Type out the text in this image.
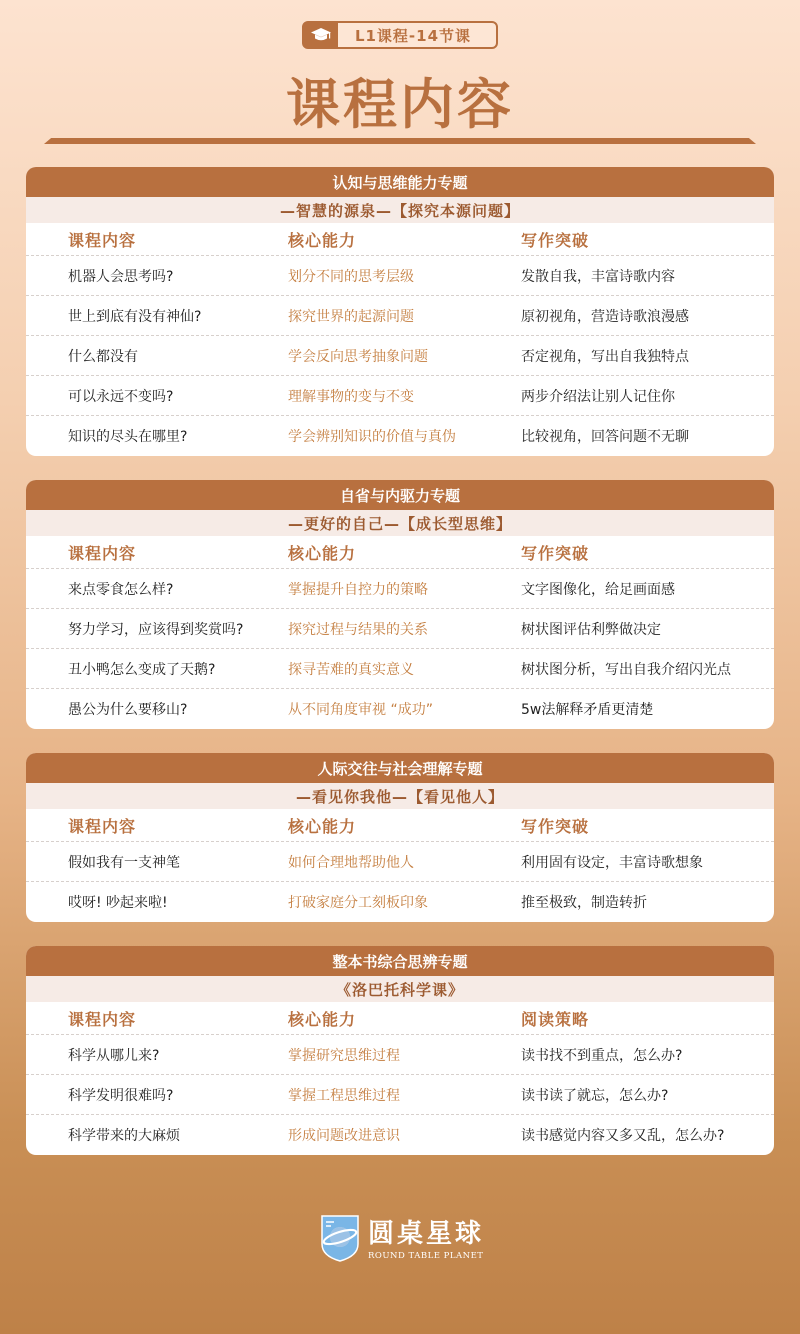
L1课程-14节课
课程内容
认知与思维能力专题
—智慧的源泉—【探究本源问题】
课程内容	核心能力	写作突破
机器人会思考吗?	划分不同的思考层级	发散自我，丰富诗歌内容
世上到底有没有神仙?	探究世界的起源问题	原初视角，营造诗歌浪漫感
什么都没有	学会反向思考抽象问题	否定视角，写出自我独特点
可以永远不变吗?	理解事物的变与不变	两步介绍法让别人记住你
知识的尽头在哪里?	学会辨别知识的价值与真伪	比较视角，回答问题不无聊
自省与内驱力专题
—更好的自己—【成长型思维】
课程内容	核心能力	写作突破
来点零食怎么样?	掌握提升自控力的策略	文字图像化，给足画面感
努力学习，应该得到奖赏吗?	探究过程与结果的关系	树状图评估利弊做决定
丑小鸭怎么变成了天鹅?	探寻苦难的真实意义	树状图分析，写出自我介绍闪光点
愚公为什么要移山?	从不同角度审视 “成功”	5w法解释矛盾更清楚
人际交往与社会理解专题
—看见你我他—【看见他人】
课程内容	核心能力	写作突破
假如我有一支神笔	如何合理地帮助他人	利用固有设定，丰富诗歌想象
哎呀! 吵起来啦!	打破家庭分工刻板印象	推至极致，制造转折
整本书综合思辨专题
《洛巴托科学课》
课程内容	核心能力	阅读策略
科学从哪儿来?	掌握研究思维过程	读书找不到重点，怎么办?
科学发明很难吗?	掌握工程思维过程	读书读了就忘，怎么办?
科学带来的大麻烦	形成问题改进意识	读书感觉内容又多又乱，怎么办?
圆桌星球
ROUND TABLE PLANET
